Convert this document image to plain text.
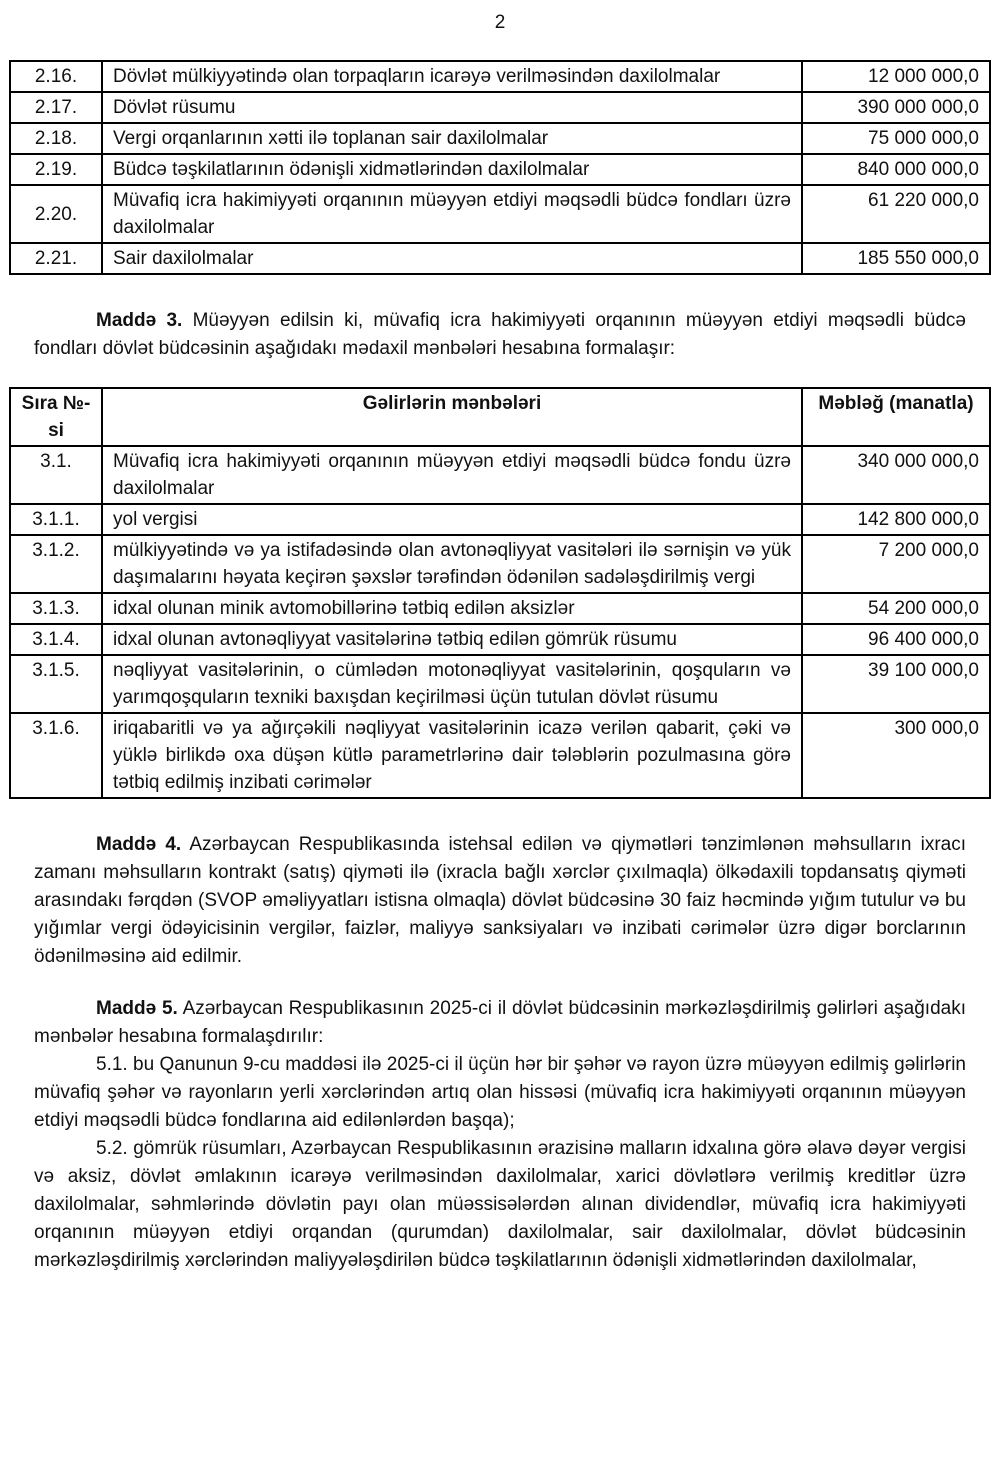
2
2.16.	Dövlət mülkiyyətində olan torpaqların icarəyə verilməsindən daxilolmalar	12 000 000,0
2.17.	Dövlət rüsumu	390 000 000,0
2.18.	Vergi orqanlarının xətti ilə toplanan sair daxilolmalar	75 000 000,0
2.19.	Büdcə təşkilatlarının ödənişli xidmətlərindən daxilolmalar	840 000 000,0
2.20.	Müvafiq icra hakimiyyəti orqanının müəyyən etdiyi məqsədli büdcə fondları üzrə daxilolmalar	61 220 000,0
2.21.	Sair daxilolmalar	185 550 000,0

Maddə 3. Müəyyən edilsin ki, müvafiq icra hakimiyyəti orqanının müəyyən etdiyi məqsədli büdcə fondları dövlət büdcəsinin aşağıdakı mədaxil mənbələri hesabına formalaşır:

Sıra №-si	Gəlirlərin mənbələri	Məbləğ (manatla)
3.1.	Müvafiq icra hakimiyyəti orqanının müəyyən etdiyi məqsədli büdcə fondu üzrə daxilolmalar	340 000 000,0
3.1.1.	yol vergisi	142 800 000,0
3.1.2.	mülkiyyətində və ya istifadəsində olan avtonəqliyyat vasitələri ilə sərnişin və yük daşımalarını həyata keçirən şəxslər tərəfindən ödənilən sadələşdirilmiş vergi	7 200 000,0
3.1.3.	idxal olunan minik avtomobillərinə tətbiq edilən aksizlər	54 200 000,0
3.1.4.	idxal olunan avtonəqliyyat vasitələrinə tətbiq edilən gömrük rüsumu	96 400 000,0
3.1.5.	nəqliyyat vasitələrinin, o cümlədən motonəqliyyat vasitələrinin, qoşquların və yarımqoşquların texniki baxışdan keçirilməsi üçün tutulan dövlət rüsumu	39 100 000,0
3.1.6.	iriqabaritli və ya ağırçəkili nəqliyyat vasitələrinin icazə verilən qabarit, çəki və yüklə birlikdə oxa düşən kütlə parametrlərinə dair tələblərin pozulmasına görə tətbiq edilmiş inzibati cərimələr	300 000,0

Maddə 4. Azərbaycan Respublikasında istehsal edilən və qiymətləri tənzimlənən məhsulların ixracı zamanı məhsulların kontrakt (satış) qiyməti ilə (ixracla bağlı xərclər çıxılmaqla) ölkədaxili topdansatış qiyməti arasındakı fərqdən (SVOP əməliyyatları istisna olmaqla) dövlət büdcəsinə 30 faiz həcmində yığım tutulur və bu yığımlar vergi ödəyicisinin vergilər, faizlər, maliyyə sanksiyaları və inzibati cərimələr üzrə digər borclarının ödənilməsinə aid edilmir.

Maddə 5. Azərbaycan Respublikasının 2025-ci il dövlət büdcəsinin mərkəzləşdirilmiş gəlirləri aşağıdakı mənbələr hesabına formalaşdırılır:

5.1. bu Qanunun 9-cu maddəsi ilə 2025-ci il üçün hər bir şəhər və rayon üzrə müəyyən edilmiş gəlirlərin müvafiq şəhər və rayonların yerli xərclərindən artıq olan hissəsi (müvafiq icra hakimiyyəti orqanının müəyyən etdiyi məqsədli büdcə fondlarına aid edilənlərdən başqa);

5.2. gömrük rüsumları, Azərbaycan Respublikasının ərazisinə malların idxalına görə əlavə dəyər vergisi və aksiz, dövlət əmlakının icarəyə verilməsindən daxilolmalar, xarici dövlətlərə verilmiş kreditlər üzrə daxilolmalar, səhmlərində dövlətin payı olan müəssisələrdən alınan dividendlər, müvafiq icra hakimiyyəti orqanının müəyyən etdiyi orqandan (qurumdan) daxilolmalar, sair daxilolmalar, dövlət büdcəsinin mərkəzləşdirilmiş xərclərindən maliyyələşdirilən büdcə təşkilatlarının ödənişli xidmətlərindən daxilolmalar,
